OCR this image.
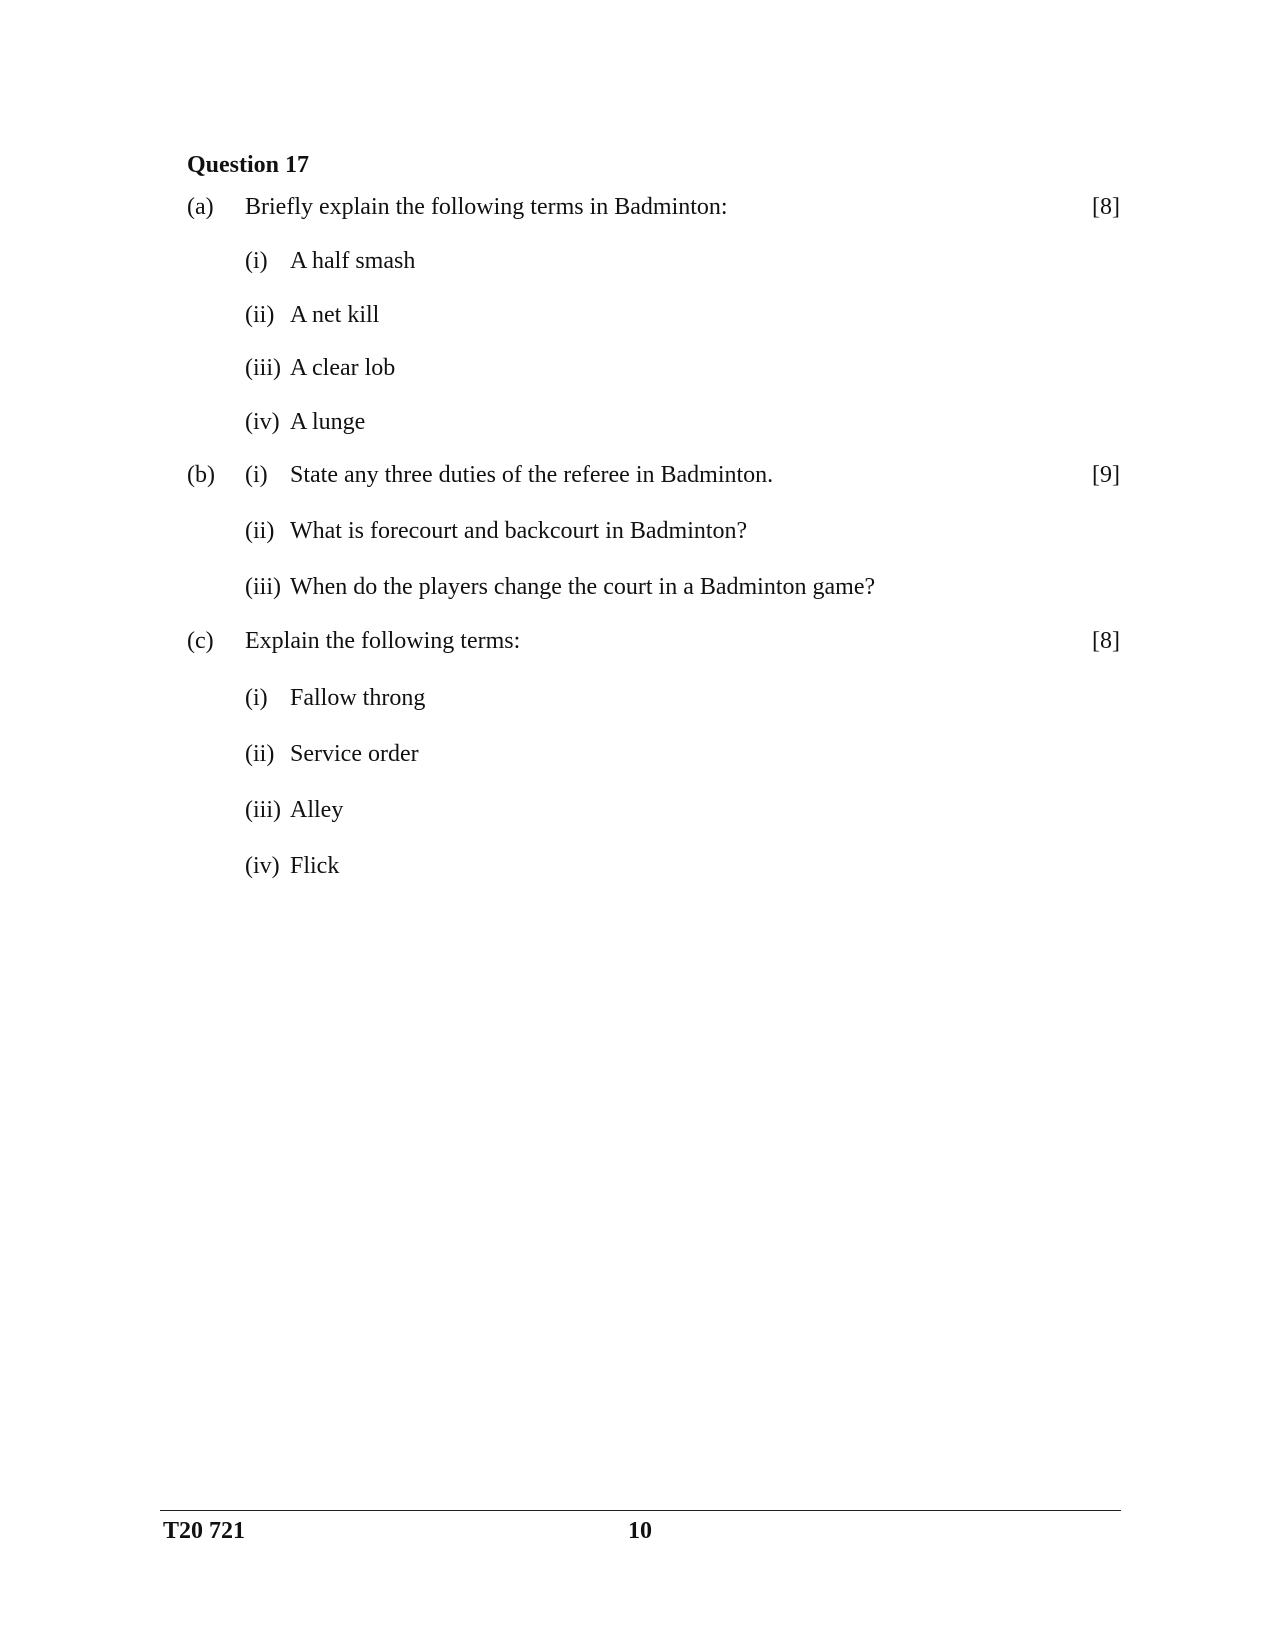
Question 17
(a) Briefly explain the following terms in Badminton:	[8]
(i) A half smash
(ii) A net kill
(iii) A clear lob
(iv) A lunge
(b)	[9]
(i) State any three duties of the referee in Badminton.
(ii) What is forecourt and backcourt in Badminton?
(iii) When do the players change the court in a Badminton game?
(c) Explain the following terms:	[8]
(i) Fallow throng
(ii) Service order
(iii) Alley
(iv) Flick
T20 721	10
